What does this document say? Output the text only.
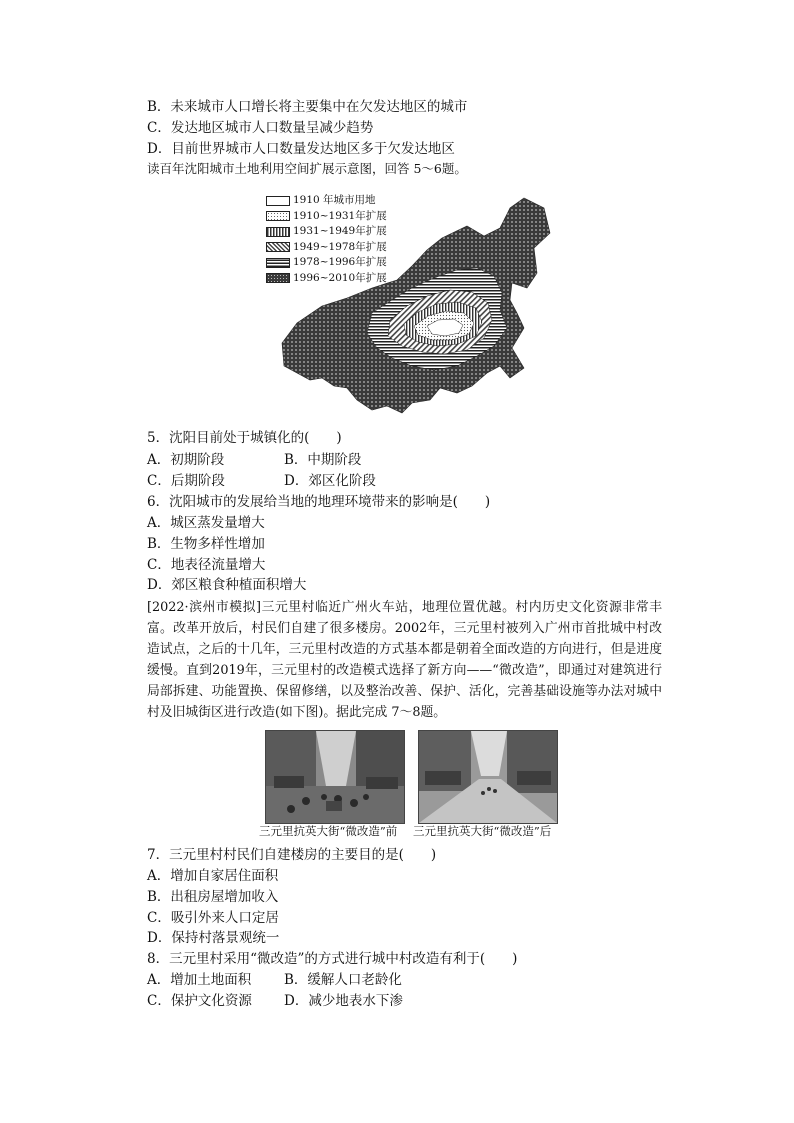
B．未来城市人口增长将主要集中在欠发达地区的城市
C．发达地区城市人口数量呈减少趋势
D．目前世界城市人口数量发达地区多于欠发达地区
读百年沈阳城市土地利用空间扩展示意图，回答 5～6题。
1910 年城市用地
1910~1931年扩展
1931~1949年扩展
1949~1978年扩展
1978~1996年扩展
1996~2010年扩展
5．沈阳目前处于城镇化的(　　)
A．初期阶段	B．中期阶段
C．后期阶段	D．郊区化阶段
6．沈阳城市的发展给当地的地理环境带来的影响是(　　)
A．城区蒸发量增大
B．生物多样性增加
C．地表径流量增大
D．郊区粮食种植面积增大

[2022·滨州市模拟]三元里村临近广州火车站，地理位置优越。村内历史文化资源非常丰富。改革开放后，村民们自建了很多楼房。2002年，三元里村被列入广州市首批城中村改造试点，之后的十几年，三元里村改造的方式基本都是朝着全面改造的方向进行，但是进度缓慢。直到2019年，三元里村的改造模式选择了新方向——“微改造”，即通过对建筑进行局部拆建、功能置换、保留修缮，以及整治改善、保护、活化，完善基础设施等办法对城中村及旧城街区进行改造(如下图)。据此完成 7～8题。

三元里抗英大街“微改造”前 三元里抗英大街“微改造”后
7．三元里村村民们自建楼房的主要目的是(　　)
A．增加自家居住面积
B．出租房屋增加收入
C．吸引外来人口定居
D．保持村落景观统一
8．三元里村采用“微改造”的方式进行城中村改造有利于(　　)
A．增加土地面积 B．缓解人口老龄化
C．保护文化资源 D．减少地表水下渗
